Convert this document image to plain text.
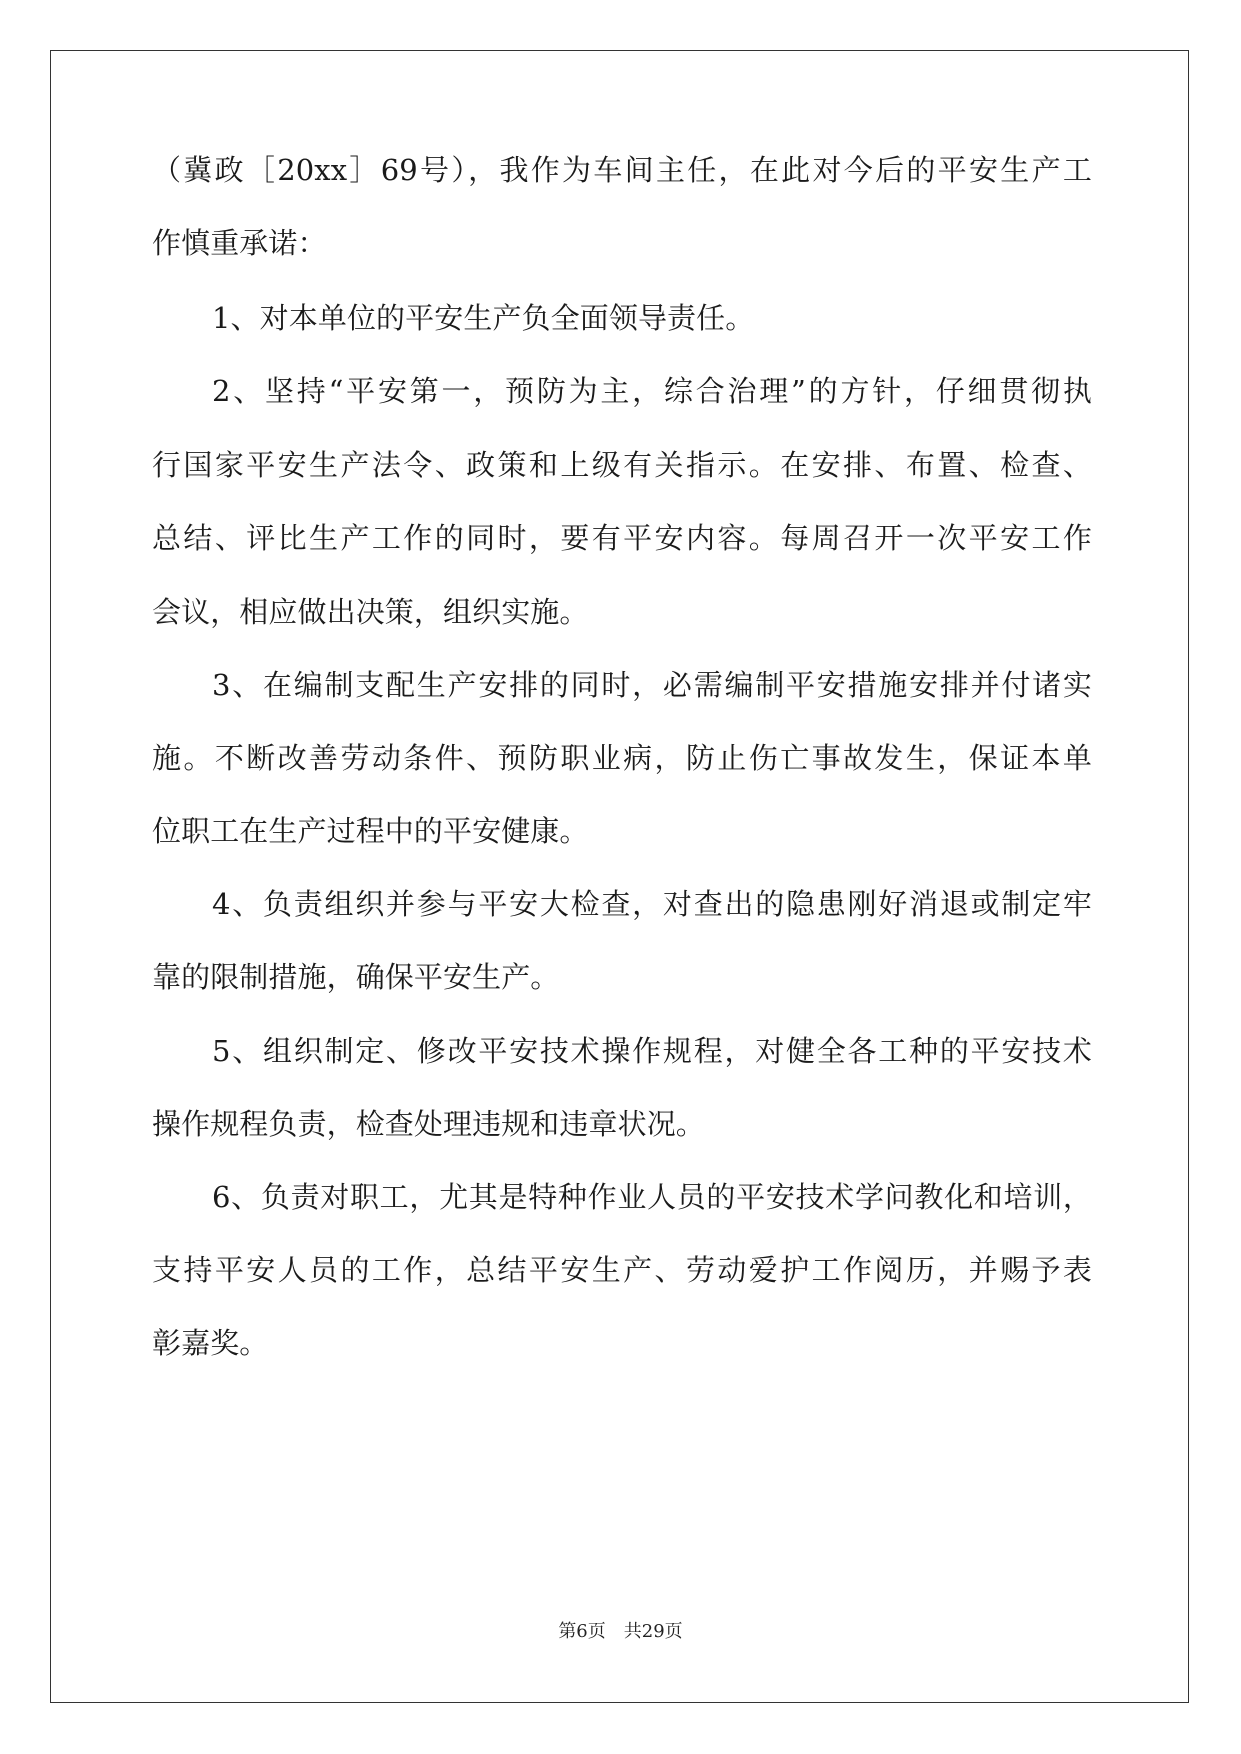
（冀政［20xx］69号），我作为车间主任，在此对今后的平安生产工
作慎重承诺：
1、对本单位的平安生产负全面领导责任。
2、坚持“平安第一，预防为主，综合治理”的方针，仔细贯彻执
行国家平安生产法令、政策和上级有关指示。在安排、布置、检查、
总结、评比生产工作的同时，要有平安内容。每周召开一次平安工作
会议，相应做出决策，组织实施。
3、在编制支配生产安排的同时，必需编制平安措施安排并付诸实
施。不断改善劳动条件、预防职业病，防止伤亡事故发生，保证本单
位职工在生产过程中的平安健康。
4、负责组织并参与平安大检查，对查出的隐患刚好消退或制定牢
靠的限制措施，确保平安生产。
5、组织制定、修改平安技术操作规程，对健全各工种的平安技术
操作规程负责，检查处理违规和违章状况。
6、负责对职工，尤其是特种作业人员的平安技术学问教化和培训，
支持平安人员的工作，总结平安生产、劳动爱护工作阅历，并赐予表
彰嘉奖。
第6页　共29页
